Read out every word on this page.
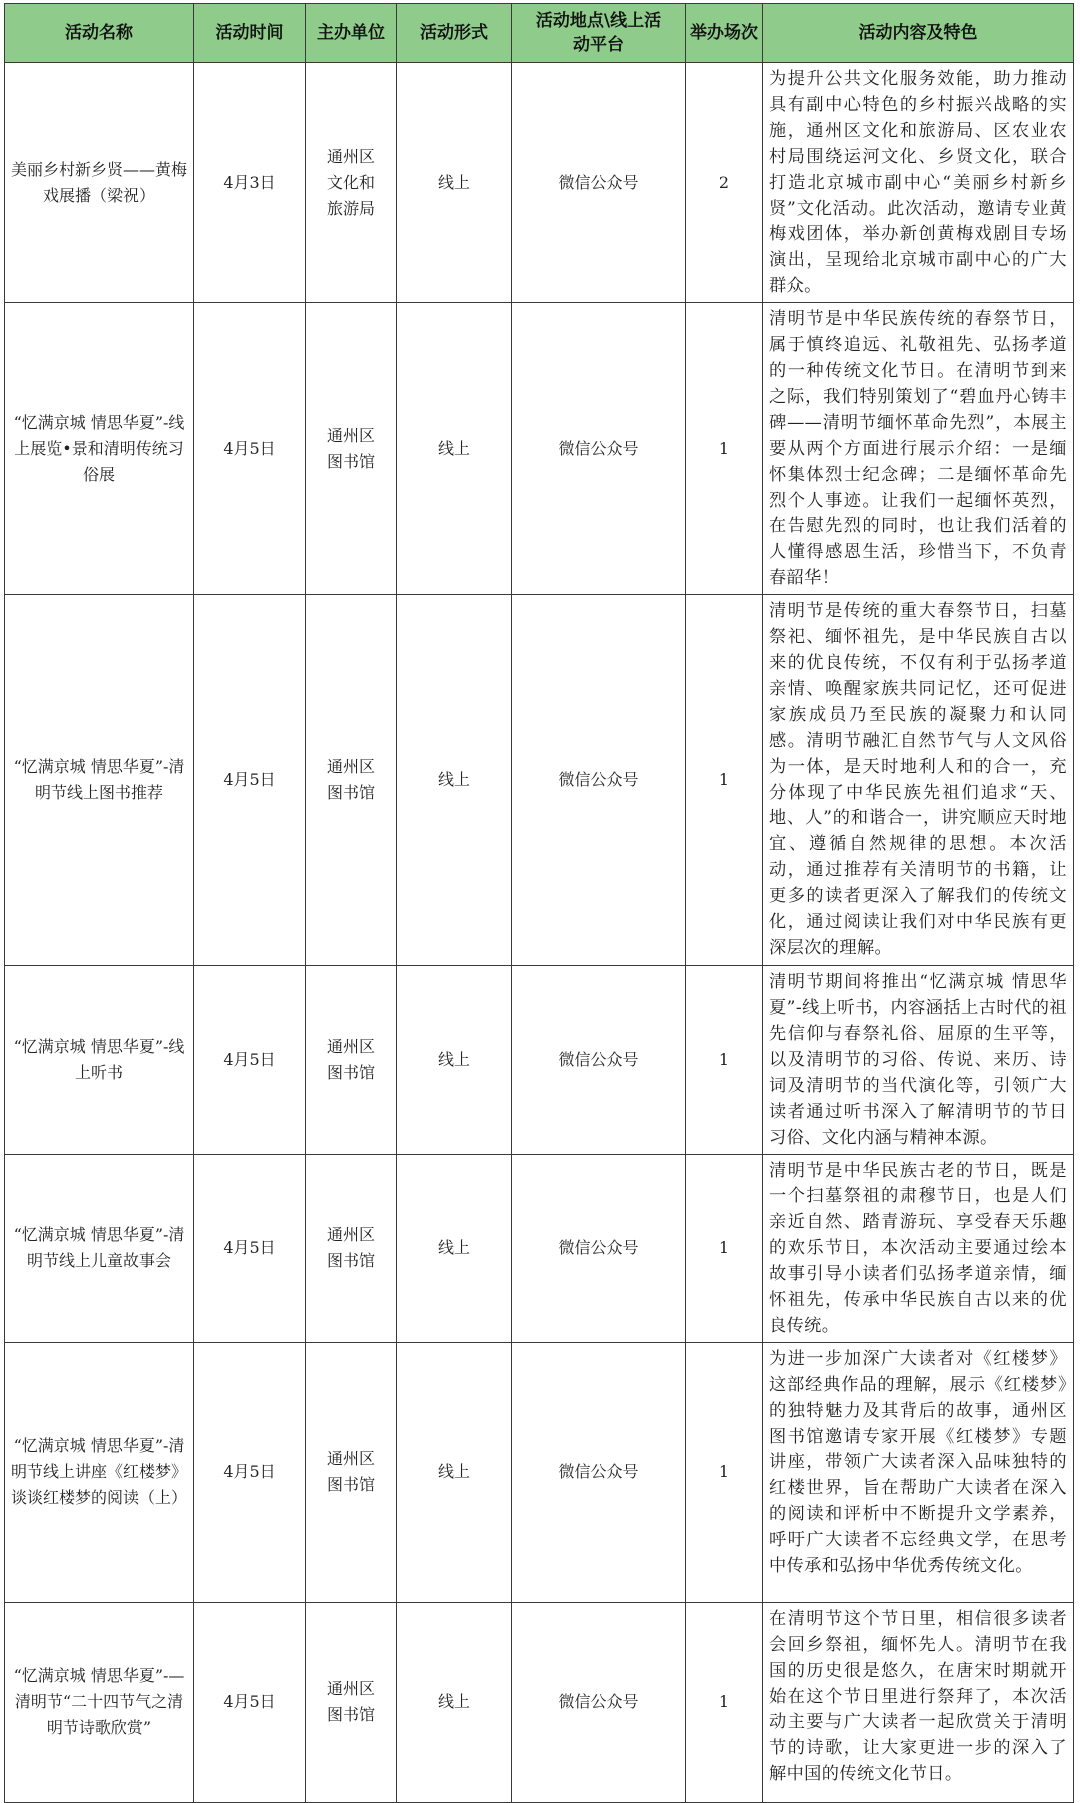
活动名称	活动时间	主办单位	活动形式	活动地点\线上活动平台	举办场次	活动内容及特色
美丽乡村新乡贤——黄梅戏展播（梁祝）	4月3日	通州区文化和旅游局	线上	微信公众号	2	为提升公共文化服务效能，助力推动具有副中心特色的乡村振兴战略的实施，通州区文化和旅游局、区农业农村局围绕运河文化、乡贤文化，联合打造北京城市副中心“美丽乡村新乡贤”文化活动。此次活动，邀请专业黄梅戏团体，举办新创黄梅戏剧目专场演出，呈现给北京城市副中心的广大群众。
“忆满京城 情思华夏”-线上展览•景和清明传统习俗展	4月5日	通州区图书馆	线上	微信公众号	1	清明节是中华民族传统的春祭节日，属于慎终追远、礼敬祖先、弘扬孝道的一种传统文化节日。在清明节到来之际，我们特别策划了“碧血丹心铸丰碑——清明节缅怀革命先烈”，本展主要从两个方面进行展示介绍：一是缅怀集体烈士纪念碑；二是缅怀革命先烈个人事迹。让我们一起缅怀英烈，在告慰先烈的同时，也让我们活着的人懂得感恩生活，珍惜当下，不负青春韶华！
“忆满京城 情思华夏”-清明节线上图书推荐	4月5日	通州区图书馆	线上	微信公众号	1	清明节是传统的重大春祭节日，扫墓祭祀、缅怀祖先，是中华民族自古以来的优良传统，不仅有利于弘扬孝道亲情、唤醒家族共同记忆，还可促进家族成员乃至民族的凝聚力和认同感。清明节融汇自然节气与人文风俗为一体，是天时地利人和的合一，充分体现了中华民族先祖们追求“天、地、人”的和谐合一，讲究顺应天时地宜、遵循自然规律的思想。本次活动，通过推荐有关清明节的书籍，让更多的读者更深入了解我们的传统文化，通过阅读让我们对中华民族有更深层次的理解。
“忆满京城 情思华夏”-线上听书	4月5日	通州区图书馆	线上	微信公众号	1	清明节期间将推出“忆满京城 情思华夏”-线上听书，内容涵括上古时代的祖先信仰与春祭礼俗、屈原的生平等，以及清明节的习俗、传说、来历、诗词及清明节的当代演化等，引领广大读者通过听书深入了解清明节的节日习俗、文化内涵与精神本源。
“忆满京城 情思华夏”-清明节线上儿童故事会	4月5日	通州区图书馆	线上	微信公众号	1	清明节是中华民族古老的节日，既是一个扫墓祭祖的肃穆节日，也是人们亲近自然、踏青游玩、享受春天乐趣的欢乐节日，本次活动主要通过绘本故事引导小读者们弘扬孝道亲情，缅怀祖先，传承中华民族自古以来的优良传统。
“忆满京城 情思华夏”-清明节线上讲座《红楼梦》谈谈红楼梦的阅读（上）	4月5日	通州区图书馆	线上	微信公众号	1	为进一步加深广大读者对《红楼梦》这部经典作品的理解，展示《红楼梦》的独特魅力及其背后的故事，通州区图书馆邀请专家开展《红楼梦》专题讲座，带领广大读者深入品味独特的红楼世界，旨在帮助广大读者在深入的阅读和评析中不断提升文学素养，呼吁广大读者不忘经典文学，在思考中传承和弘扬中华优秀传统文化。
“忆满京城 情思华夏”-—清明节“二十四节气之清明节诗歌欣赏”	4月5日	通州区图书馆	线上	微信公众号	1	在清明节这个节日里，相信很多读者会回乡祭祖，缅怀先人。清明节在我国的历史很是悠久，在唐宋时期就开始在这个节日里进行祭拜了，本次活动主要与广大读者一起欣赏关于清明节的诗歌，让大家更进一步的深入了解中国的传统文化节日。
